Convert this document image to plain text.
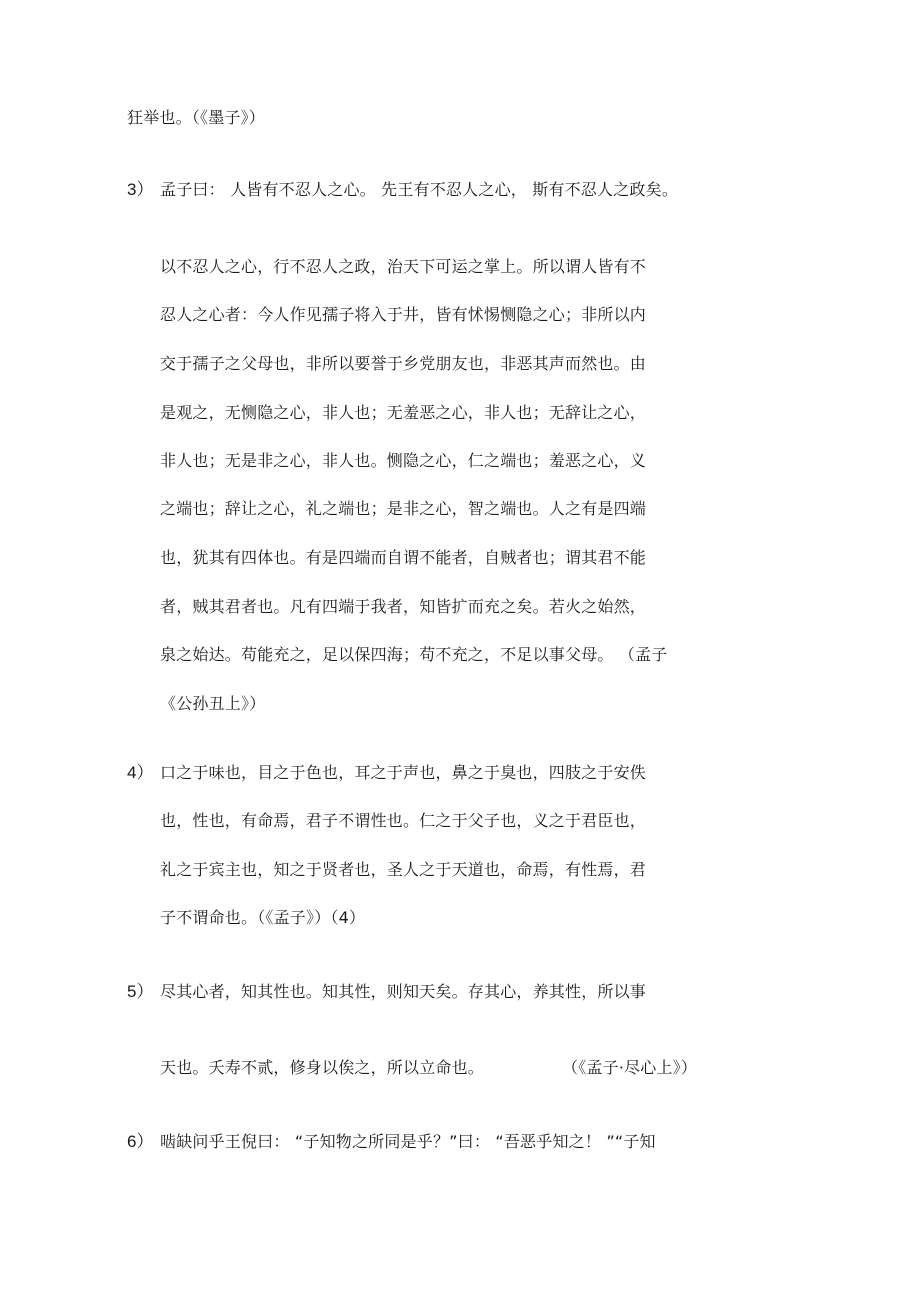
狂举也。（《墨子》）
3） 孟子曰： 人皆有不忍人之心。 先王有不忍人之心， 斯有不忍人之政矣。
以不忍人之心，行不忍人之政，治天下可运之掌上。所以谓人皆有不
忍人之心者：今人作见孺子将入于井，皆有怵惕恻隐之心；非所以内
交于孺子之父母也，非所以要誉于乡党朋友也，非恶其声而然也。由
是观之，无恻隐之心，非人也；无羞恶之心，非人也；无辞让之心，
非人也；无是非之心，非人也。恻隐之心，仁之端也；羞恶之心，义
之端也；辞让之心，礼之端也；是非之心，智之端也。人之有是四端
也，犹其有四体也。有是四端而自谓不能者，自贼者也；谓其君不能
者，贼其君者也。凡有四端于我者，知皆扩而充之矣。若火之始然，
泉之始达。苟能充之，足以保四海；苟不充之，不足以事父母。 （孟子
《公孙丑上》）
4） 口之于味也，目之于色也，耳之于声也，鼻之于臭也，四肢之于安佚
也，性也，有命焉，君子不谓性也。仁之于父子也，义之于君臣也，
礼之于宾主也，知之于贤者也，圣人之于天道也，命焉，有性焉，君
子不谓命也。（《孟子》）（4）
5） 尽其心者，知其性也。知其性，则知天矣。存其心，养其性，所以事
天也。夭寿不贰，修身以俟之，所以立命也。	（《孟子·尽心上》）
6） 啮缺问乎王倪曰： “子知物之所同是乎？”曰： “吾恶乎知之！ ”“子知
